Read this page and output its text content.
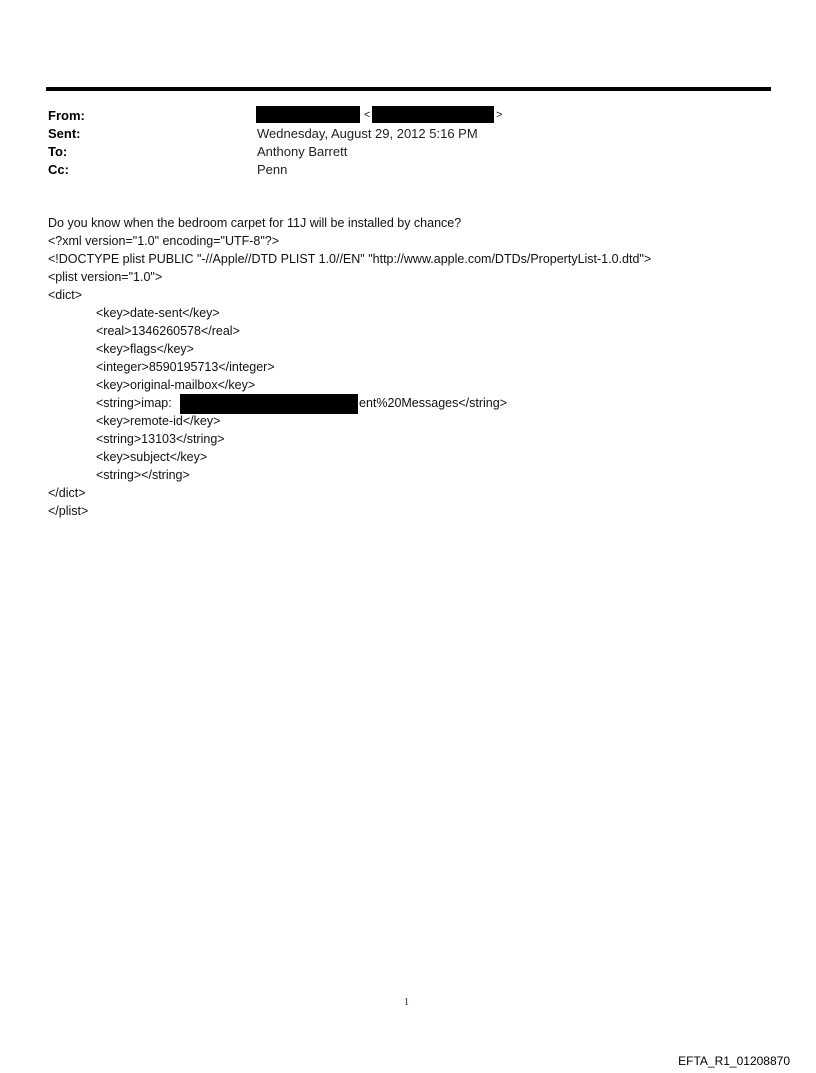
From:	<	>
Sent:	Wednesday, August 29, 2012 5:16 PM
To:	Anthony Barrett
Cc:	Penn
Do you know when the bedroom carpet for 11J will be installed by chance?
<?xml version="1.0" encoding="UTF-8"?>
<!DOCTYPE plist PUBLIC "-//Apple//DTD PLIST 1.0//EN" "http://www.apple.com/DTDs/PropertyList-1.0.dtd">
<plist version="1.0">
<dict>
<key>date-sent</key>
<real>1346260578</real>
<key>flags</key>
<integer>8590195713</integer>
<key>original-mailbox</key>
<string>imap:	ent%20Messages</string>
<key>remote-id</key>
<string>13103</string>
<key>subject</key>
<string></string>
</dict>
</plist>
1
EFTA_R1_01208870
